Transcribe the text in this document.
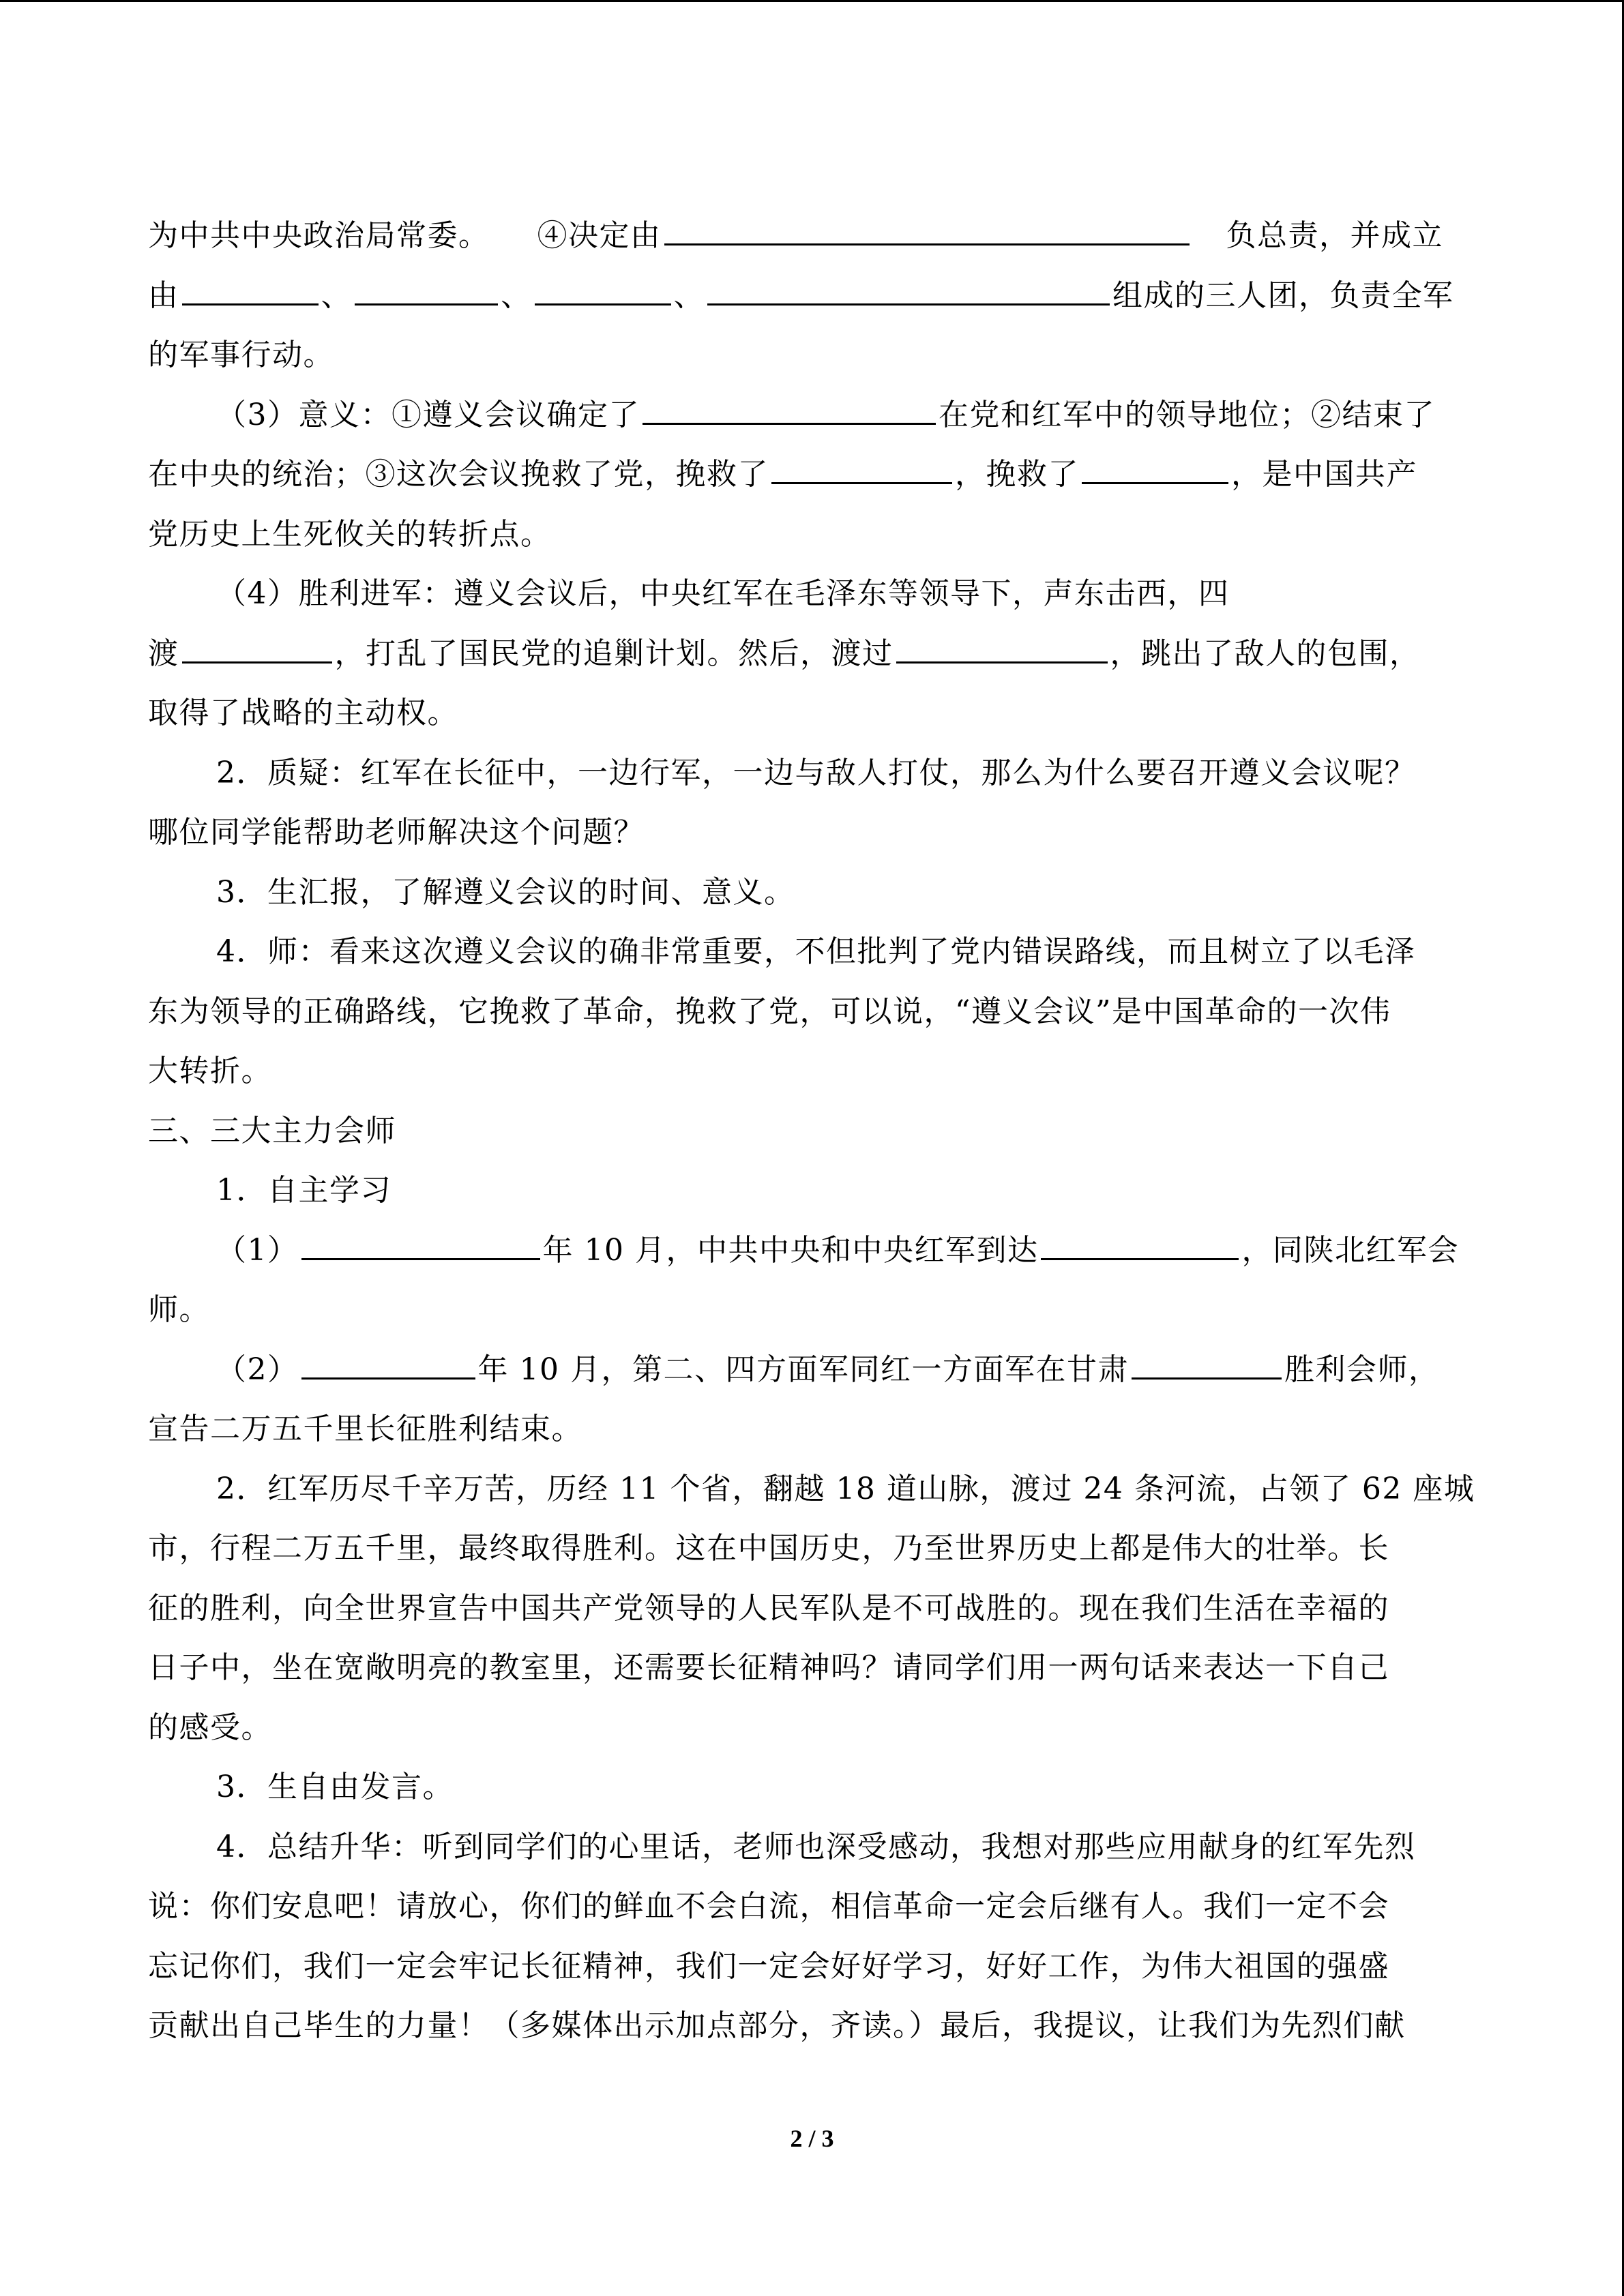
为中共中央政治局常委。 ④决定由	负总责，并成立
由	、	、	、	组成的三人团，负责全军
的军事行动。
（3）意义：①遵义会议确定了	在党和红军中的领导地位；②结束了
在中央的统治；③这次会议挽救了党，挽救了	，挽救了	，是中国共产
党历史上生死攸关的转折点。
（4）胜利进军：遵义会议后，中央红军在毛泽东等领导下，声东击西，四
渡	，打乱了国民党的追剿计划。然后，渡过	，跳出了敌人的包围，
取得了战略的主动权。
2．质疑：红军在长征中，一边行军，一边与敌人打仗，那么为什么要召开遵义会议呢？
哪位同学能帮助老师解决这个问题？
3．生汇报，了解遵义会议的时间、意义。
4．师：看来这次遵义会议的确非常重要，不但批判了党内错误路线，而且树立了以毛泽
东为领导的正确路线，它挽救了革命，挽救了党，可以说，“遵义会议”是中国革命的一次伟
大转折。
三、三大主力会师
1．自主学习
（1）	年 10 月，中共中央和中央红军到达	，同陕北红军会
师。
（2）	年 10 月，第二、四方面军同红一方面军在甘肃	胜利会师，
宣告二万五千里长征胜利结束。
2．红军历尽千辛万苦，历经 11 个省，翻越 18 道山脉，渡过 24 条河流，占领了 62 座城
市，行程二万五千里，最终取得胜利。这在中国历史，乃至世界历史上都是伟大的壮举。长
征的胜利，向全世界宣告中国共产党领导的人民军队是不可战胜的。现在我们生活在幸福的
日子中，坐在宽敞明亮的教室里，还需要长征精神吗？请同学们用一两句话来表达一下自己
的感受。
3．生自由发言。
4．总结升华：听到同学们的心里话，老师也深受感动，我想对那些应用献身的红军先烈
说：你们安息吧！请放心，你们的鲜血不会白流，相信革命一定会后继有人。我们一定不会
忘记你们，我们一定会牢记长征精神，我们一定会好好学习，好好工作，为伟大祖国的强盛
贡献出自己毕生的力量！（多媒体出示加点部分，齐读。）最后，我提议，让我们为先烈们献
2 / 3
